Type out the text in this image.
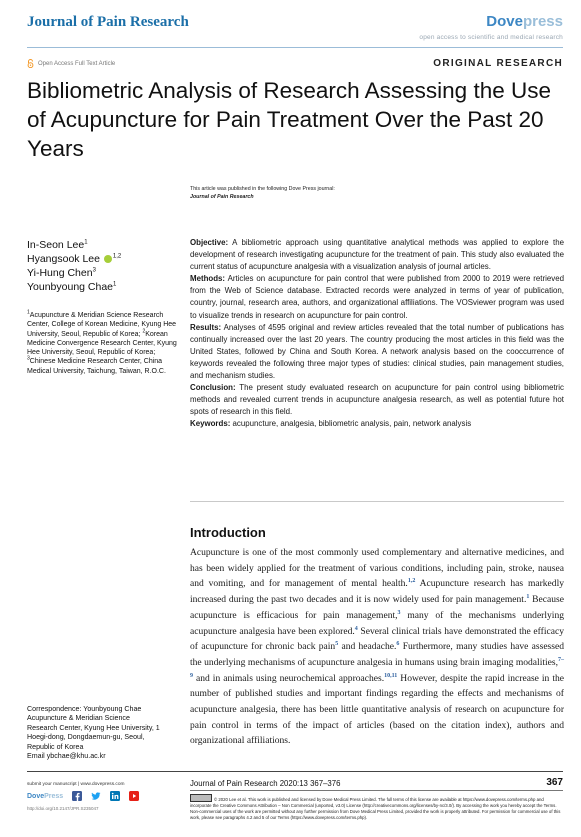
Journal of Pain Research	Dovepress
open access to scientific and medical research
Open Access Full Text Article	ORIGINAL RESEARCH
Bibliometric Analysis of Research Assessing the Use of Acupuncture for Pain Treatment Over the Past 20 Years
This article was published in the following Dove Press journal:
Journal of Pain Research
In-Seon Lee$^1$
Hyangsook Lee $^{1,2}$
Yi-Hung Chen$^3$
Younbyoung Chae$^1$
$^1$Acupuncture & Meridian Science Research Center, College of Korean Medicine, Kyung Hee University, Seoul, Republic of Korea; $^2$Korean Medicine Convergence Research Center, Kyung Hee University, Seoul, Republic of Korea; $^3$Chinese Medicine Research Center, China Medical University, Taichung, Taiwan, R.O.C.

Objective: A bibliometric approach using quantitative analytical methods was applied to explore the development of research investigating acupuncture for the treatment of pain. This study also evaluated the current status of acupuncture analgesia with a visualization analysis of journal articles.

Methods: Articles on acupuncture for pain control that were published from 2000 to 2019 were retrieved from the Web of Science database. Extracted records were analyzed in terms of year of publication, country, journal, research area, authors, and organizational affiliations. The VOSviewer program was used to visualize trends in research on acupuncture for pain control.

Results: Analyses of 4595 original and review articles revealed that the total number of publications has continually increased over the last 20 years. The country producing the most articles in this field was the United States, followed by China and South Korea. A network analysis based on the cooccurrence of keywords revealed the following three major types of studies: clinical studies, pain management studies, and mechanism studies.

Conclusion: The present study evaluated research on acupuncture for pain control using bibliometric methods and revealed current trends in acupuncture analgesia research, as well as potential future hot spots of research in this field.

Keywords: acupuncture, analgesia, bibliometric analysis, pain, network analysis

Introduction
Acupuncture is one of the most commonly used complementary and alternative medicines, and has been widely applied for the treatment of various conditions, including pain, stroke, nausea and vomiting, and for management of mental health.$^{1,2}$ Acupuncture research has markedly increased during the past two decades and it is now widely used for pain management.$^1$ Because acupuncture is efficacious for pain management,$^3$ many of the mechanisms underlying acupuncture analgesia have been explored.$^4$ Several clinical trials have demonstrated the efficacy of acupuncture for chronic back pain$^5$ and headache.$^6$ Furthermore, many studies have assessed the underlying mechanisms of acupuncture analgesia in humans using brain imaging modalities,$^{7-9}$ and in animals using neurochemical approaches.$^{10,11}$ However, despite the rapid increase in the number of published studies and important findings regarding the effects and mechanisms of acupuncture analgesia, there has been little quantitative analysis of research on acupuncture for pain control in terms of the impact of articles (based on the citation index), authors and organizational affiliations.
Correspondence: Younbyoung Chae
Acupuncture & Meridian Science
Research Center, Kyung Hee University, 1
Hoegi-dong, Dongdaemun-gu, Seoul,
Republic of Korea
Email ybchae@khu.ac.kr
submit your manuscript | www.dovepress.com
DovePress
http://doi.org/10.2147/JPR.S235047
Journal of Pain Research 2020:13 367–376	367
© 2020 Lee et al. This work is published and licensed by Dove Medical Press Limited. The full terms of this license are available at https://www.dovepress.com/terms.php and incorporate the Creative Commons Attribution – Non Commercial (unported, v3.0) License (http://creativecommons.org/licenses/by-nc/3.0/). By accessing the work you hereby accept the Terms. Non-commercial uses of the work are permitted without any further permission from Dove Medical Press Limited, provided the work is properly attributed. For permission for commercial use of this work, please see paragraphs 4.2 and 5 of our Terms (https://www.dovepress.com/terms.php).
